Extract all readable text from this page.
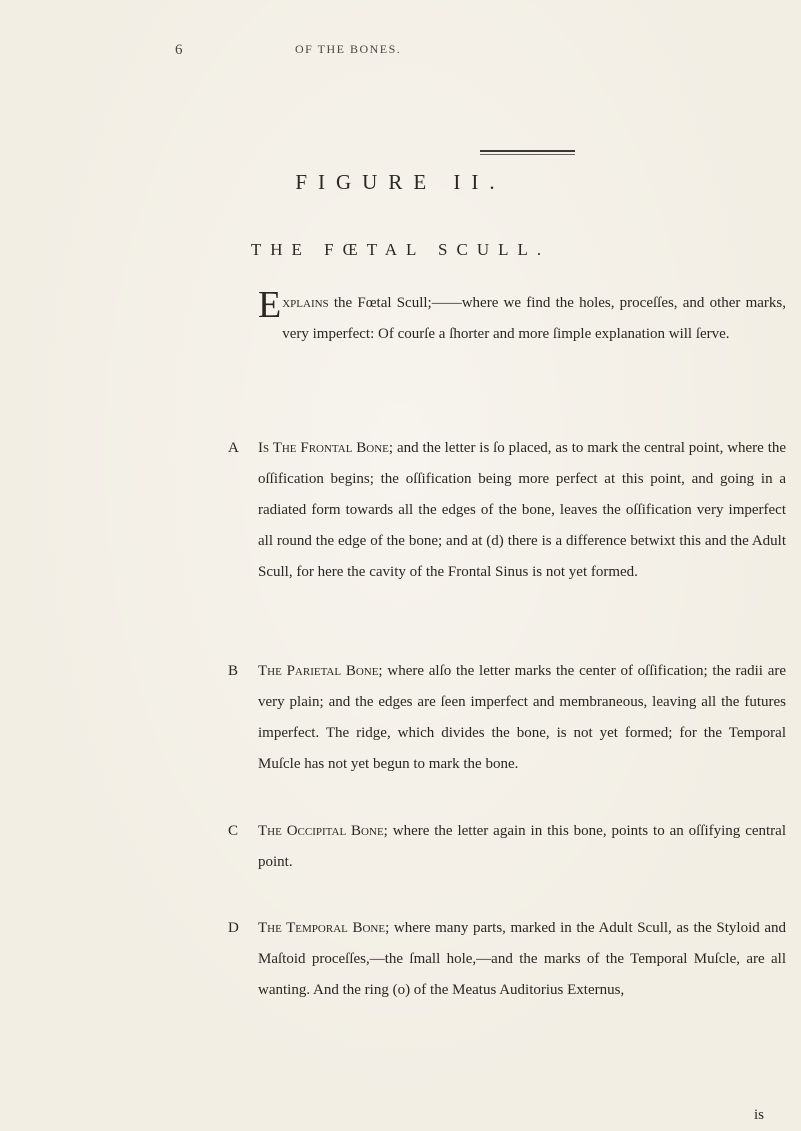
6	OF THE BONES.
FIGURE II.
THE FŒTAL SCULL.
Explains the Fœtal Scull;——where we find the holes, proceſſes, and other marks, very imperfect: Of courſe a ſhorter and more ſimple explanation will ſerve.
A Is The Frontal Bone; and the letter is ſo placed, as to mark the central point, where the oſſification begins; the oſſification being more perfect at this point, and going in a radiated form towards all the edges of the bone, leaves the oſſification very imperfect all round the edge of the bone; and at (d) there is a difference betwixt this and the Adult Scull, for here the cavity of the Frontal Sinus is not yet formed.
B The Parietal Bone; where alſo the letter marks the center of oſſification; the radii are very plain; and the edges are ſeen imperfect and membraneous, leaving all the futures imperfect. The ridge, which divides the bone, is not yet formed; for the Temporal Muſcle has not yet begun to mark the bone.
C The Occipital Bone; where the letter again in this bone, points to an oſſifying central point.
D The Temporal Bone; where many parts, marked in the Adult Scull, as the Styloid and Maſtoid proceſſes,—the ſmall hole,—and the marks of the Temporal Muſcle, are all wanting. And the ring (o) of the Meatus Auditorius Externus,
is
